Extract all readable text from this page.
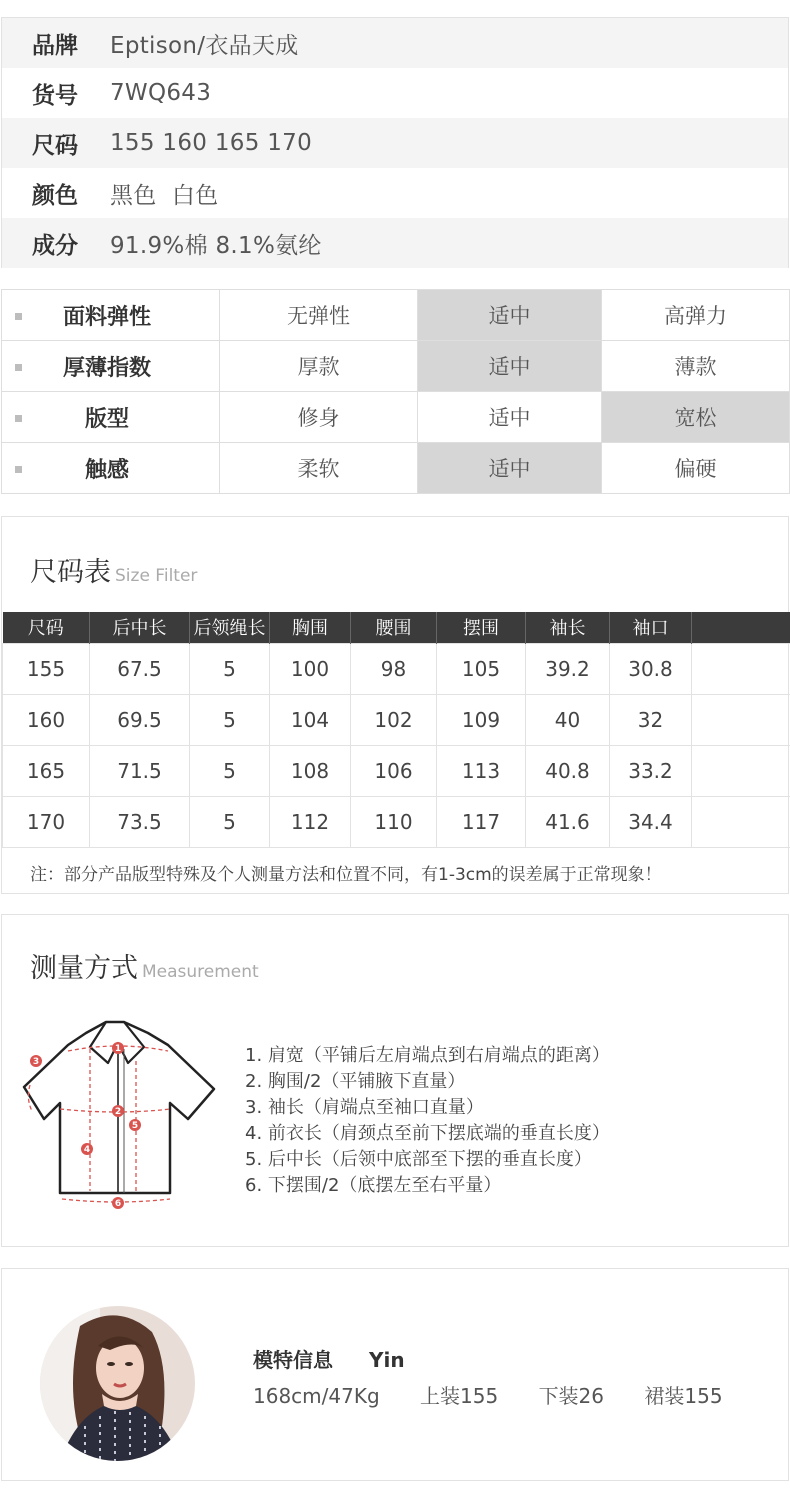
品牌	Eptison/衣品天成
货号	7WQ643
尺码	155 160 165 170
颜色	黑色  白色
成分	91.9%棉 8.1%氨纶
面料弹性	无弹性	适中	高弹力
厚薄指数	厚款	适中	薄款
版型	修身	适中	宽松
触感	柔软	适中	偏硬
尺码表 Size Filter
尺码	后中长	后领绳长	胸围	腰围	摆围	袖长	袖口	
155	67.5	5	100	98	105	39.2	30.8	
160	69.5	5	104	102	109	40	32	
165	71.5	5	108	106	113	40.8	33.2	
170	73.5	5	112	110	117	41.6	34.4	
注：部分产品版型特殊及个人测量方法和位置不同，有1-3cm的误差属于正常现象！
测量方式 Measurement
1
2
3
4
5
6
1. 肩宽（平铺后左肩端点到右肩端点的距离）
2. 胸围/2（平铺腋下直量）
3. 袖长（肩端点至袖口直量）
4. 前衣长（肩颈点至前下摆底端的垂直长度）
5. 后中长（后领中底部至下摆的垂直长度）
6. 下摆围/2（底摆左至右平量）
模特信息 Yin
168cm/47Kg 上装155 下装26 裙装155
